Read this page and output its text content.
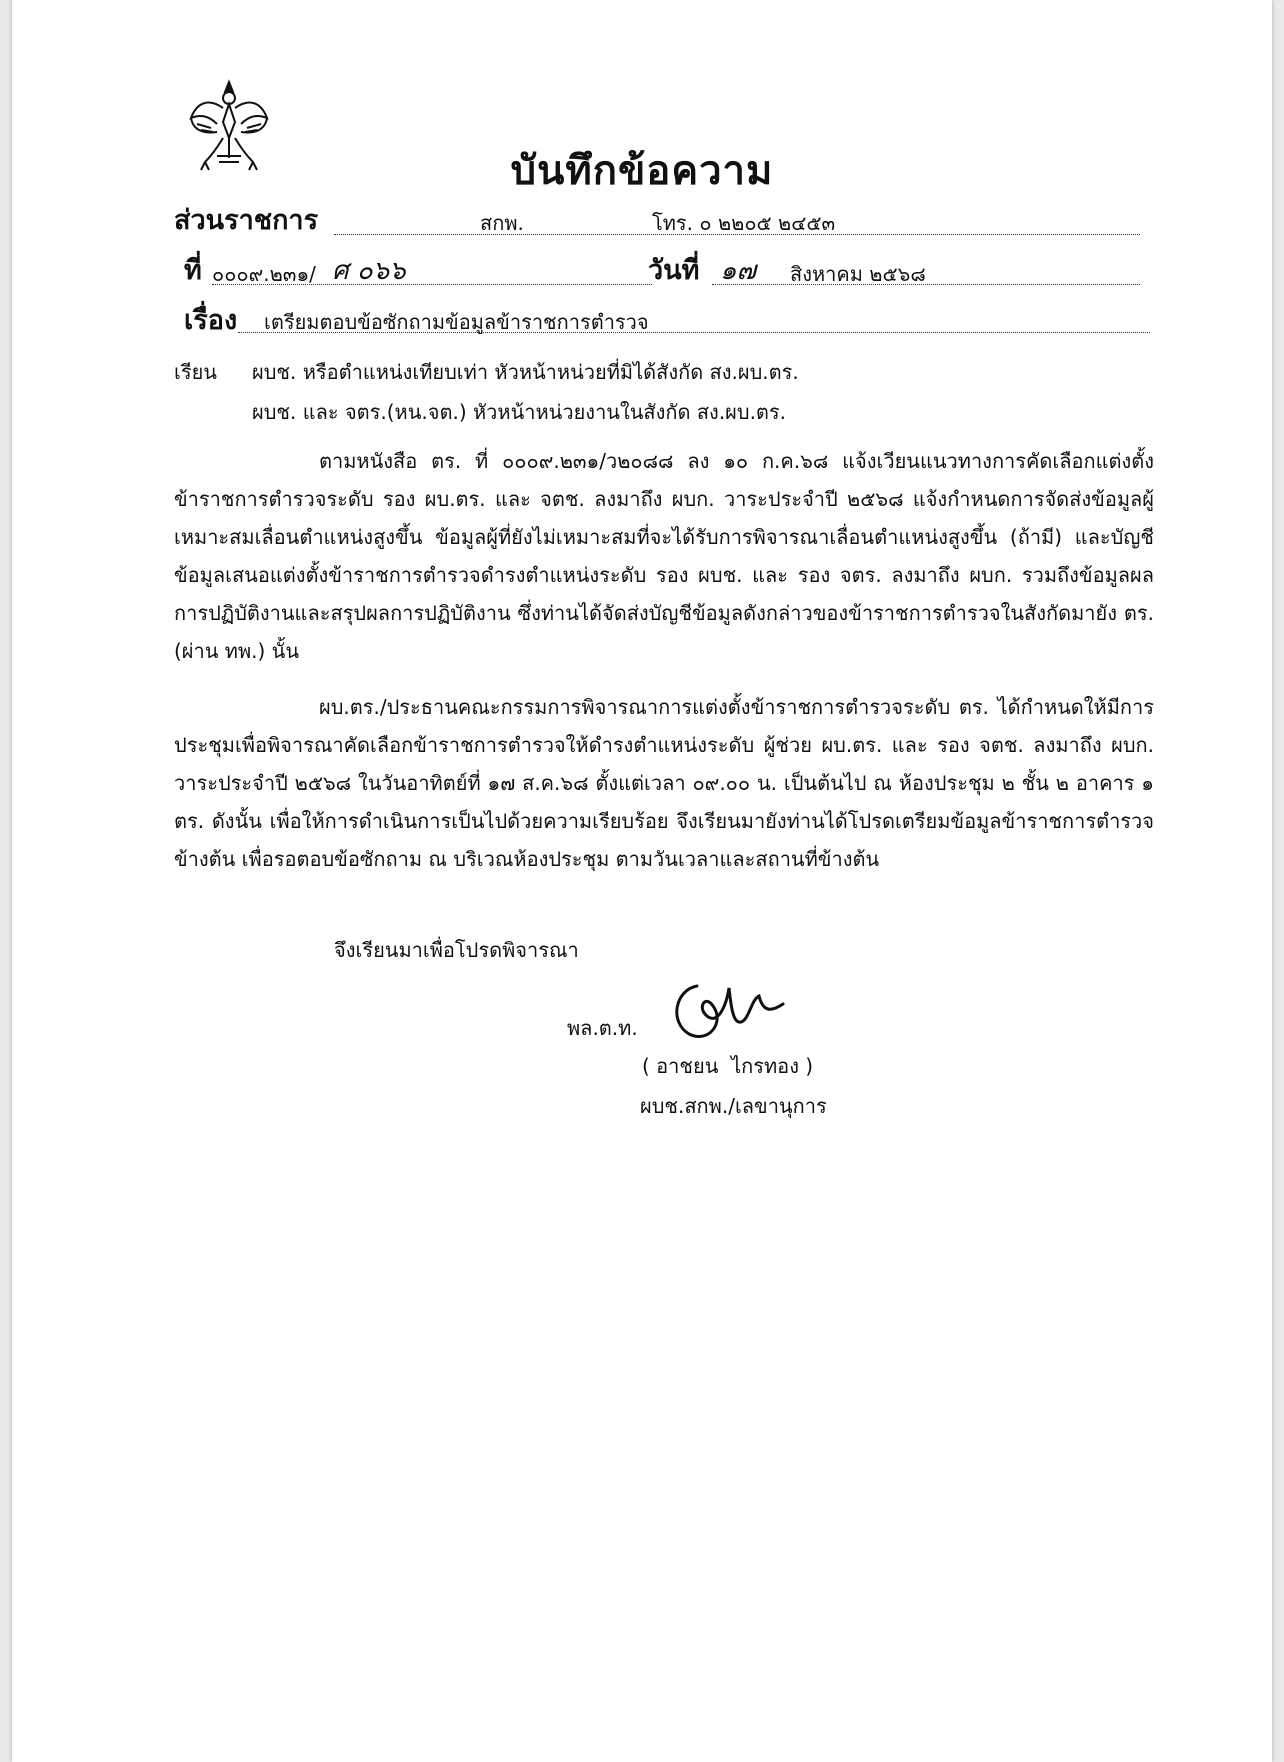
บันทึกข้อความ
ส่วนราชการ	สกพ.	โทร. ๐ ๒๒๐๕ ๒๔๕๓
ที่ ๐๐๐๙.๒๓๑/ ศ ๐๖๖	วันที่ ๑๗ สิงหาคม ๒๕๖๘
เรื่อง เตรียมตอบข้อซักถามข้อมูลข้าราชการตำรวจ
เรียน ผบช. หรือตำแหน่งเทียบเท่า หัวหน้าหน่วยที่มิได้สังกัด สง.ผบ.ตร.
ผบช. และ จตร.(หน.จต.) หัวหน้าหน่วยงานในสังกัด สง.ผบ.ตร.

ตามหนังสือ ตร. ที่ ๐๐๐๙.๒๓๑/ว๒๐๘๘ ลง ๑๐ ก.ค.๖๘ แจ้งเวียนแนวทางการคัดเลือกแต่งตั้งข้าราชการตำรวจระดับ รอง ผบ.ตร. และ จตช. ลงมาถึง ผบก. วาระประจำปี ๒๕๖๘ แจ้งกำหนดการจัดส่งข้อมูลผู้เหมาะสมเลื่อนตำแหน่งสูงขึ้น ข้อมูลผู้ที่ยังไม่เหมาะสมที่จะได้รับการพิจารณาเลื่อนตำแหน่งสูงขึ้น (ถ้ามี) และบัญชีข้อมูลเสนอแต่งตั้งข้าราชการตำรวจดำรงตำแหน่งระดับ รอง ผบช. และ รอง จตร. ลงมาถึง ผบก. รวมถึงข้อมูลผลการปฏิบัติงานและสรุปผลการปฏิบัติงาน ซึ่งท่านได้จัดส่งบัญชีข้อมูลดังกล่าวของข้าราชการตำรวจในสังกัดมายัง ตร.(ผ่าน ทพ.) นั้น

ผบ.ตร./ประธานคณะกรรมการพิจารณาการแต่งตั้งข้าราชการตำรวจระดับ ตร. ได้กำหนดให้มีการประชุมเพื่อพิจารณาคัดเลือกข้าราชการตำรวจให้ดำรงตำแหน่งระดับ ผู้ช่วย ผบ.ตร. และ รอง จตช. ลงมาถึง ผบก. วาระประจำปี ๒๕๖๘ ในวันอาทิตย์ที่ ๑๗ ส.ค.๖๘ ตั้งแต่เวลา ๐๙.๐๐ น. เป็นต้นไป ณ ห้องประชุม ๒ ชั้น ๒ อาคาร ๑ ตร. ดังนั้น เพื่อให้การดำเนินการเป็นไปด้วยความเรียบร้อย จึงเรียนมายังท่านได้โปรดเตรียมข้อมูลข้าราชการตำรวจข้างต้น เพื่อรอตอบข้อซักถาม ณ บริเวณห้องประชุม ตามวันเวลาและสถานที่ข้างต้น

จึงเรียนมาเพื่อโปรดพิจารณา
พล.ต.ท.
( อาชยน  ไกรทอง )
ผบช.สกพ./เลขานุการ
